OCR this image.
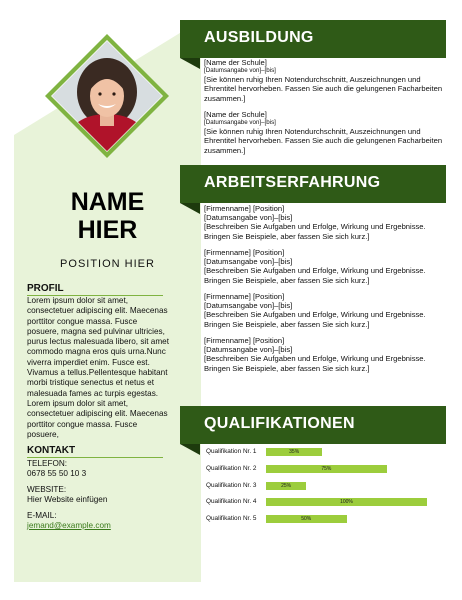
NAME
HIER
POSITION HIER
PROFIL
Lorem ipsum dolor sit amet, consectetuer adipiscing elit. Maecenas porttitor congue massa. Fusce posuere, magna sed pulvinar ultricies, purus lectus malesuada libero, sit amet commodo magna eros quis urna.Nunc viverra imperdiet enim. Fusce est. Vivamus a tellus.Pellentesque habitant morbi tristique senectus et netus et malesuada fames ac turpis egestas. Lorem ipsum dolor sit amet, consectetuer adipiscing elit. Maecenas porttitor congue massa. Fusce posuere,
KONTAKT
TELEFON:
0678 55 50 10 3
WEBSITE:
Hier Website einfügen
E-MAIL:
jemand@example.com
AUSBILDUNG
[Name der Schule]
[Datumsangabe von]–[bis]
[Sie können ruhig Ihren Notendurchschnitt, Auszeichnungen und Ehrentitel hervorheben. Fassen Sie auch die gelungenen Facharbeiten zusammen.]
[Name der Schule]
[Datumsangabe von]–[bis]
[Sie können ruhig Ihren Notendurchschnitt, Auszeichnungen und Ehrentitel hervorheben. Fassen Sie auch die gelungenen Facharbeiten zusammen.]
ARBEITSERFAHRUNG
[Firmenname] [Position]
[Datumsangabe von]–[bis]
[Beschreiben Sie Aufgaben und Erfolge, Wirkung und Ergebnisse. Bringen Sie Beispiele, aber fassen Sie sich kurz.]
[Firmenname] [Position]
[Datumsangabe von]–[bis]
[Beschreiben Sie Aufgaben und Erfolge, Wirkung und Ergebnisse. Bringen Sie Beispiele, aber fassen Sie sich kurz.]
[Firmenname] [Position]
[Datumsangabe von]–[bis]
[Beschreiben Sie Aufgaben und Erfolge, Wirkung und Ergebnisse. Bringen Sie Beispiele, aber fassen Sie sich kurz.]
[Firmenname] [Position]
[Datumsangabe von]–[bis]
[Beschreiben Sie Aufgaben und Erfolge, Wirkung und Ergebnisse. Bringen Sie Beispiele, aber fassen Sie sich kurz.]
QUALIFIKATIONEN
Qualifikation Nr. 1	35%
Qualifikation Nr. 2	75%
Qualifikation Nr. 3	25%
Qualifikation Nr. 4	100%
Qualifikation Nr. 5	50%
